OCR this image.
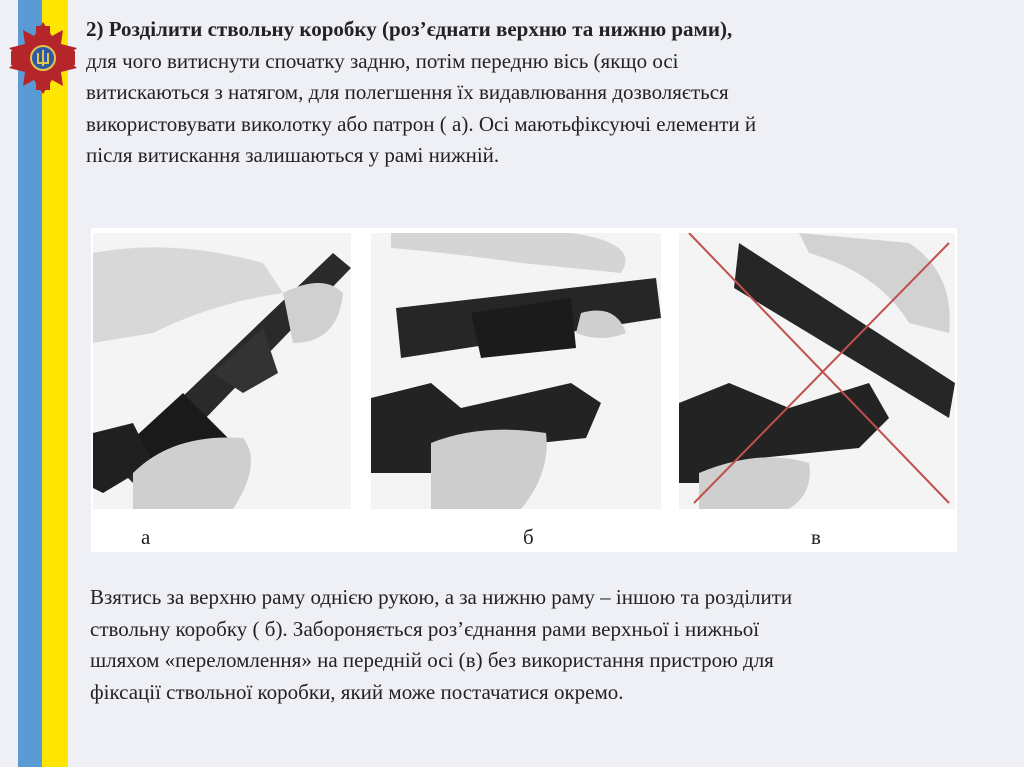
2) Розділити ствольну коробку (роз’єднати верхню та нижню рами),
для чого витиснути спочатку задню, потім передню вісь (якщо осі
витискаються з натягом, для полегшення їх видавлювання дозволяється
використовувати виколотку або патрон ( а). Осі маютьфіксуючі елементи й
після витискання залишаються у рамі нижній.
а	б	в
Взятись за верхню раму однією рукою, а за нижню раму – іншою та розділити
ствольну коробку ( б). Забороняється роз’єднання рами верхньої і нижньої
шляхом «переломлення» на передній осі (в) без використання пристрою для
фіксації ствольної коробки, який може постачатися окремо.
